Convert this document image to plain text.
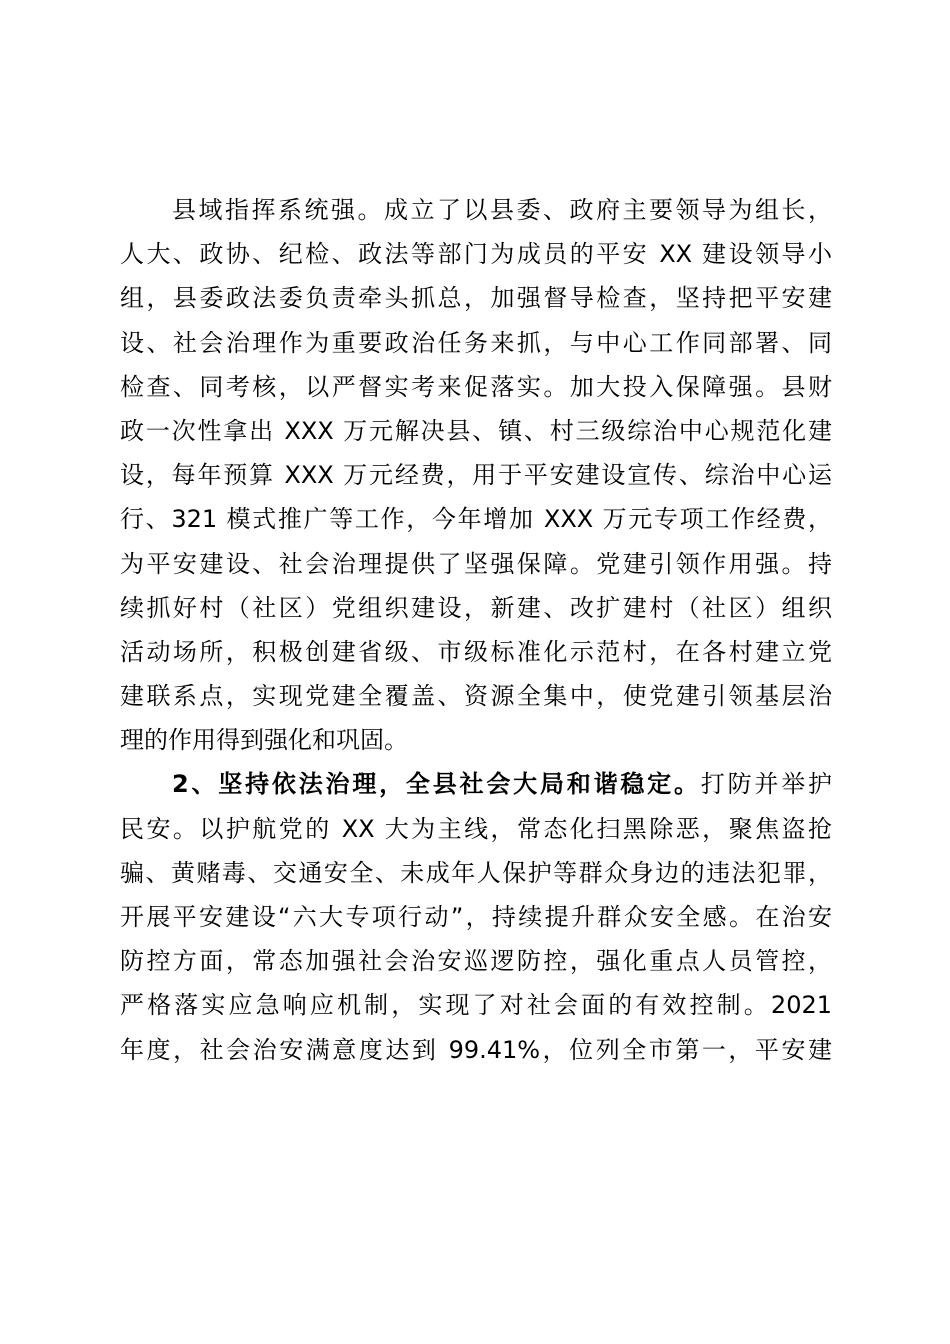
县域指挥系统强。成立了以县委、政府主要领导为组长，
人大、政协、纪检、政法等部门为成员的平安 XX 建设领导小
组，县委政法委负责牵头抓总，加强督导检查，坚持把平安建
设、社会治理作为重要政治任务来抓，与中心工作同部署、同
检查、同考核，以严督实考来促落实。加大投入保障强。县财
政一次性拿出 XXX 万元解决县、镇、村三级综治中心规范化建
设，每年预算 XXX 万元经费，用于平安建设宣传、综治中心运
行、321 模式推广等工作，今年增加 XXX 万元专项工作经费，
为平安建设、社会治理提供了坚强保障。党建引领作用强。持
续抓好村（社区）党组织建设，新建、改扩建村（社区）组织
活动场所，积极创建省级、市级标准化示范村，在各村建立党
建联系点，实现党建全覆盖、资源全集中，使党建引领基层治
理的作用得到强化和巩固。
2、坚持依法治理，全县社会大局和谐稳定。打防并举护
民安。以护航党的 XX 大为主线，常态化扫黑除恶，聚焦盗抢
骗、黄赌毒、交通安全、未成年人保护等群众身边的违法犯罪，
开展平安建设“六大专项行动”，持续提升群众安全感。在治安
防控方面，常态加强社会治安巡逻防控，强化重点人员管控，
严格落实应急响应机制，实现了对社会面的有效控制。2021
年度，社会治安满意度达到 99.41%，位列全市第一，平安建
